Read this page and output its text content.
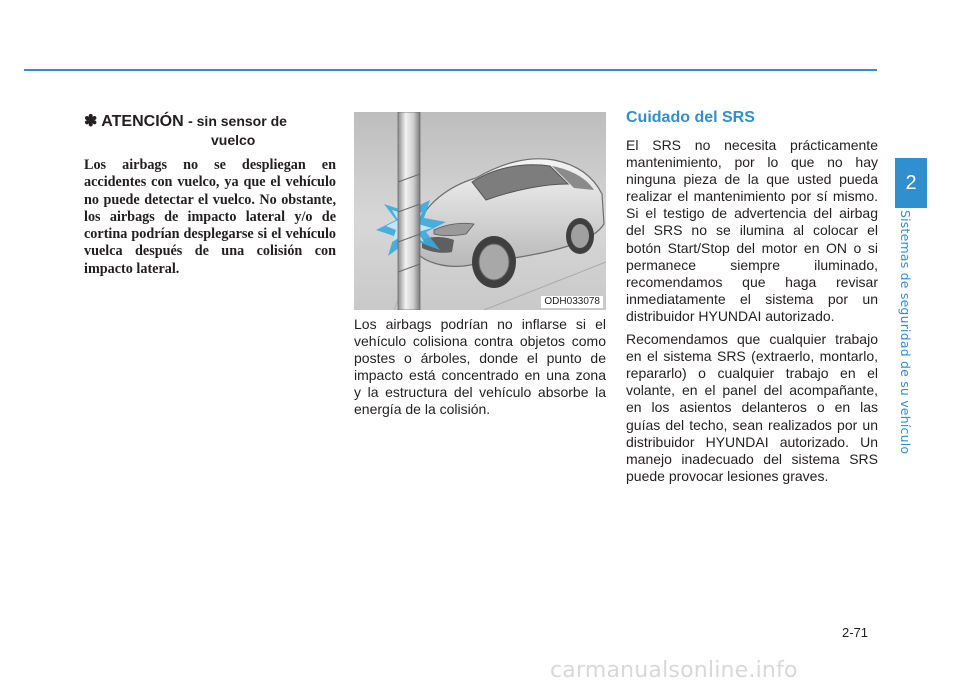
✽ ATENCIÓN - sin sensor de
vuelco
Los airbags no se despliegan en accidentes con vuelco, ya que el vehículo no puede detectar el vuelco. No obstante, los airbags de impacto lateral y/o de cortina podrían desplegarse si el vehículo vuelca después de una colisión con impacto lateral.
ODH033078
Los airbags podrían no inflarse si el vehículo colisiona contra objetos como postes o árboles, donde el punto de impacto está concentrado en una zona y la estructura del vehículo absorbe la energía de la colisión.
Cuidado del SRS

El SRS no necesita prácticamente mantenimiento, por lo que no hay ninguna pieza de la que usted pueda realizar el mantenimiento por sí mismo. Si el testigo de advertencia del airbag del SRS no se ilumina al colocar el botón Start/Stop del motor en ON o si permanece siempre iluminado, recomendamos que haga revisar inmediatamente el sistema por un distribuidor HYUNDAI autorizado.

Recomendamos que cualquier trabajo en el sistema SRS (extraerlo, montarlo, repararlo) o cualquier trabajo en el volante, en el panel del acompañante, en los asientos delanteros o en las guías del techo, sean realizados por un distribuidor HYUNDAI autorizado. Un manejo inadecuado del sistema SRS puede provocar lesiones graves.

2
Sistemas de seguridad de su vehículo
2-71
carmanualsonline.info
